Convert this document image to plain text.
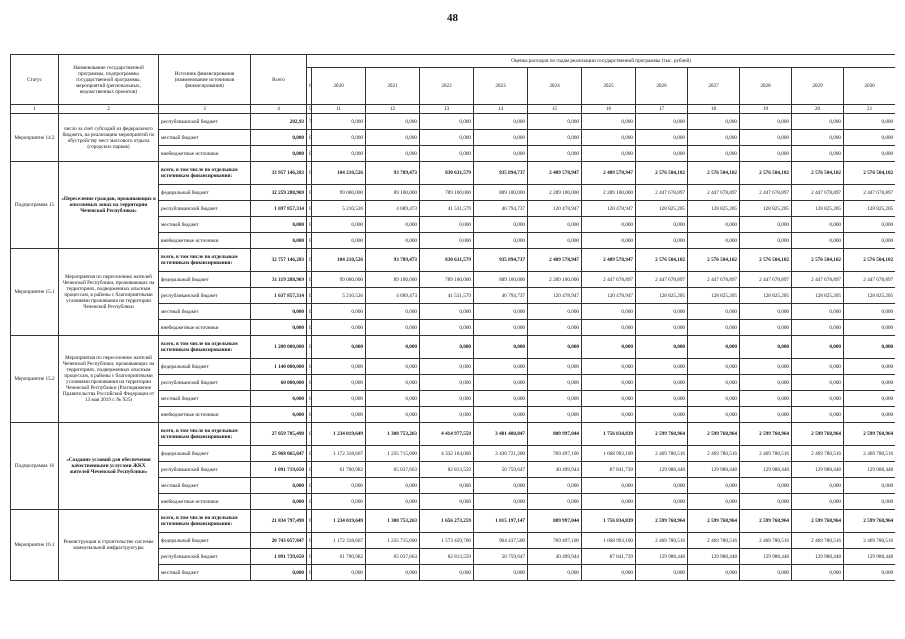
48
Статус	Наименование государственной программы, подпрограммы государственной программы, мероприятий (региональных, ведомственных проектов)	Источник финансирования (наименование источников финансирования)	Всего	Оценка расходов по годам реализации государственной программы (тыс. рублей)											
				6	2020	2021	2022	2023	2024	2025	2026	2027	2028	2029	2030
1	2	3	4	5	11	12	13	14	15	16	17	18	19	20	21
Мероприятие 14.2	число за счет субсидий из федерального бюджета, на реализацию мероприятий по обустройству мест массового отдыха (городских парков)	республиканский бюджет	202,93	7	0,000	0,000	0,000	0,000	0,000	0,000	0,000	0,000	0,000	0,000	0,000
		местный бюджет	0,000	0	0,000	0,000	0,000	0,000	0,000	0,000	0,000	0,000	0,000	0,000	0,000
		внебюджетные источники	0,000	0	0,000	0,000	0,000	0,000	0,000	0,000	0,000	0,000	0,000	0,000	0,000
Подпрограмма 15	«Переселение граждан, проживающих в оползневых зонах на территории Чеченской Республики»	всего, в том числе по отдельным источникам финансирования:	33 957 146,283	0	104 210,526	93 789,473	830 631,579	935 894,737	2 409 578,947	2 409 578,947	2 576 504,102	2 576 504,102	2 576 504,102	2 576 504,102	2 576 504,102
		федеральный бюджет	32 259 288,969	0	99 000,000	89 100,000	789 100,000	889 100,000	2 289 100,000	2 289 100,000	2 447 678,897	2 447 678,897	2 447 678,897	2 447 678,897	2 447 678,897
		республиканский бюджет	1 697 857,314	0	5 210,526	4 689,473	41 531,579	46 794,737	120 478,947	120 478,947	128 825,205	128 825,205	128 825,205	128 825,205	128 825,205
		местный бюджет	0,000	0	0,000	0,000	0,000	0,000	0,000	0,000	0,000	0,000	0,000	0,000	0,000
		внебюджетные источники	0,000	0	0,000	0,000	0,000	0,000	0,000	0,000	0,000	0,000	0,000	0,000	0,000
Мероприятие 15.1	Мероприятия по переселению жителей Чеченской Республики, проживающих на территориях, подверженных опасным процессам, в районы с благоприятными условиями проживания на территории Чеченской Республики	всего, в том числе по отдельным источникам финансирования:	32 757 146,283	0	104 210,526	93 789,473	830 631,579	935 894,737	2 409 578,947	2 409 578,947	2 576 504,102	2 576 504,102	2 576 504,102	2 576 504,102	2 576 504,102
		федеральный бюджет	31 119 288,969	0	99 000,000	89 100,000	789 100,000	889 100,000	2 289 100,000	2 447 678,897	2 447 678,897	2 447 678,897	2 447 678,897	2 447 678,897	2 447 678,897
		республиканский бюджет	1 637 857,314	0	5 210,526	4 689,473	41 531,579	46 794,737	120 478,947	120 478,947	128 825,205	128 825,205	128 825,205	128 825,205	128 825,205
		местный бюджет	0,000	0	0,000	0,000	0,000	0,000	0,000	0,000	0,000	0,000	0,000	0,000	0,000
		внебюджетные источники	0,000	0	0,000	0,000	0,000	0,000	0,000	0,000	0,000	0,000	0,000	0,000	0,000
Мероприятие 15.2	Мероприятия по переселению жителей Чеченской Республики, проживающих на территориях, подверженных опасным процессам, в районы с благоприятными условиями проживания на территории Чеченской Республики (Распоряжение Правительства Российской Федерации от 13 мая 2019 г. № 925)	всего, в том числе по отдельным источникам финансирования:	1 200 000,000	0	0,000	0,000	0,000	0,000	0,000	0,000	0,000	0,000	0,000	0,000	0,000
		федеральный бюджет	1 140 000,000	0	0,000	0,000	0,000	0,000	0,000	0,000	0,000	0,000	0,000	0,000	0,000
		республиканский бюджет	60 000,000	0	0,000	0,000	0,000	0,000	0,000	0,000	0,000	0,000	0,000	0,000	0,000
		местный бюджет	0,000	0	0,000	0,000	0,000	0,000	0,000	0,000	0,000	0,000	0,000	0,000	0,000
		внебюджетные источники	0,000	0	0,000	0,000	0,000	0,000	0,000	0,000	0,000	0,000	0,000	0,000	0,000
Подпрограмма 16	«Создание условий для обеспечения качественными услугами ЖКХ жителей Чеченской Республики»	всего, в том числе по отдельным источникам финансирования:	27 059 785,498	0	1 234 019,649	1 300 753,263	4 414 977,559	3 481 480,847	809 997,044	1 756 834,839	2 599 768,964	2 599 768,964	2 599 768,964	2 599 768,964	2 599 768,964
		федеральный бюджет	25 968 065,847	0	1 172 318,667	1 235 715,600	4 332 164,000	3 430 721,200	769 497,100	1 668 993,100	2 469 780,516	2 469 780,516	2 469 780,516	2 469 780,516	2 469 780,516
		республиканский бюджет	1 091 719,650	0	61 700,982	65 037,663	82 813,559	50 759,647	40 499,944	87 841,739	129 988,448	129 988,448	129 988,448	129 988,448	129 988,448
		местный бюджет	0,000	0	0,000	0,000	0,000	0,000	0,000	0,000	0,000	0,000	0,000	0,000	0,000
		внебюджетные источники	0,000	0	0,000	0,000	0,000	0,000	0,000	0,000	0,000	0,000	0,000	0,000	0,000
Мероприятие 16.1	Реконструкция и строительство системы коммунальной инфраструктуры	всего, в том числе по отдельным источникам финансирования:	21 834 797,498	0	1 234 019,649	1 300 753,263	1 656 273,259	1 015 197,147	809 997,044	1 756 834,839	2 599 768,964	2 599 768,964	2 599 768,964	2 599 768,964	2 599 768,964
		федеральный бюджет	20 743 057,847	0	1 172 318,667	1 235 715,600	1 573 459,700	964 437,500	769 497,100	1 668 993,100	2 469 780,516	2 469 780,516	2 469 780,516	2 469 780,516	2 469 780,516
		республиканский бюджет	1 091 739,650	0	61 700,982	65 037,663	82 813,559	50 759,647	40 499,944	87 841,739	129 988,448	129 988,448	129 988,448	129 988,448	129 988,448
		местный бюджет	0,000	0	0,000	0,000	0,000	0,000	0,000	0,000	0,000	0,000	0,000	0,000	0,000
